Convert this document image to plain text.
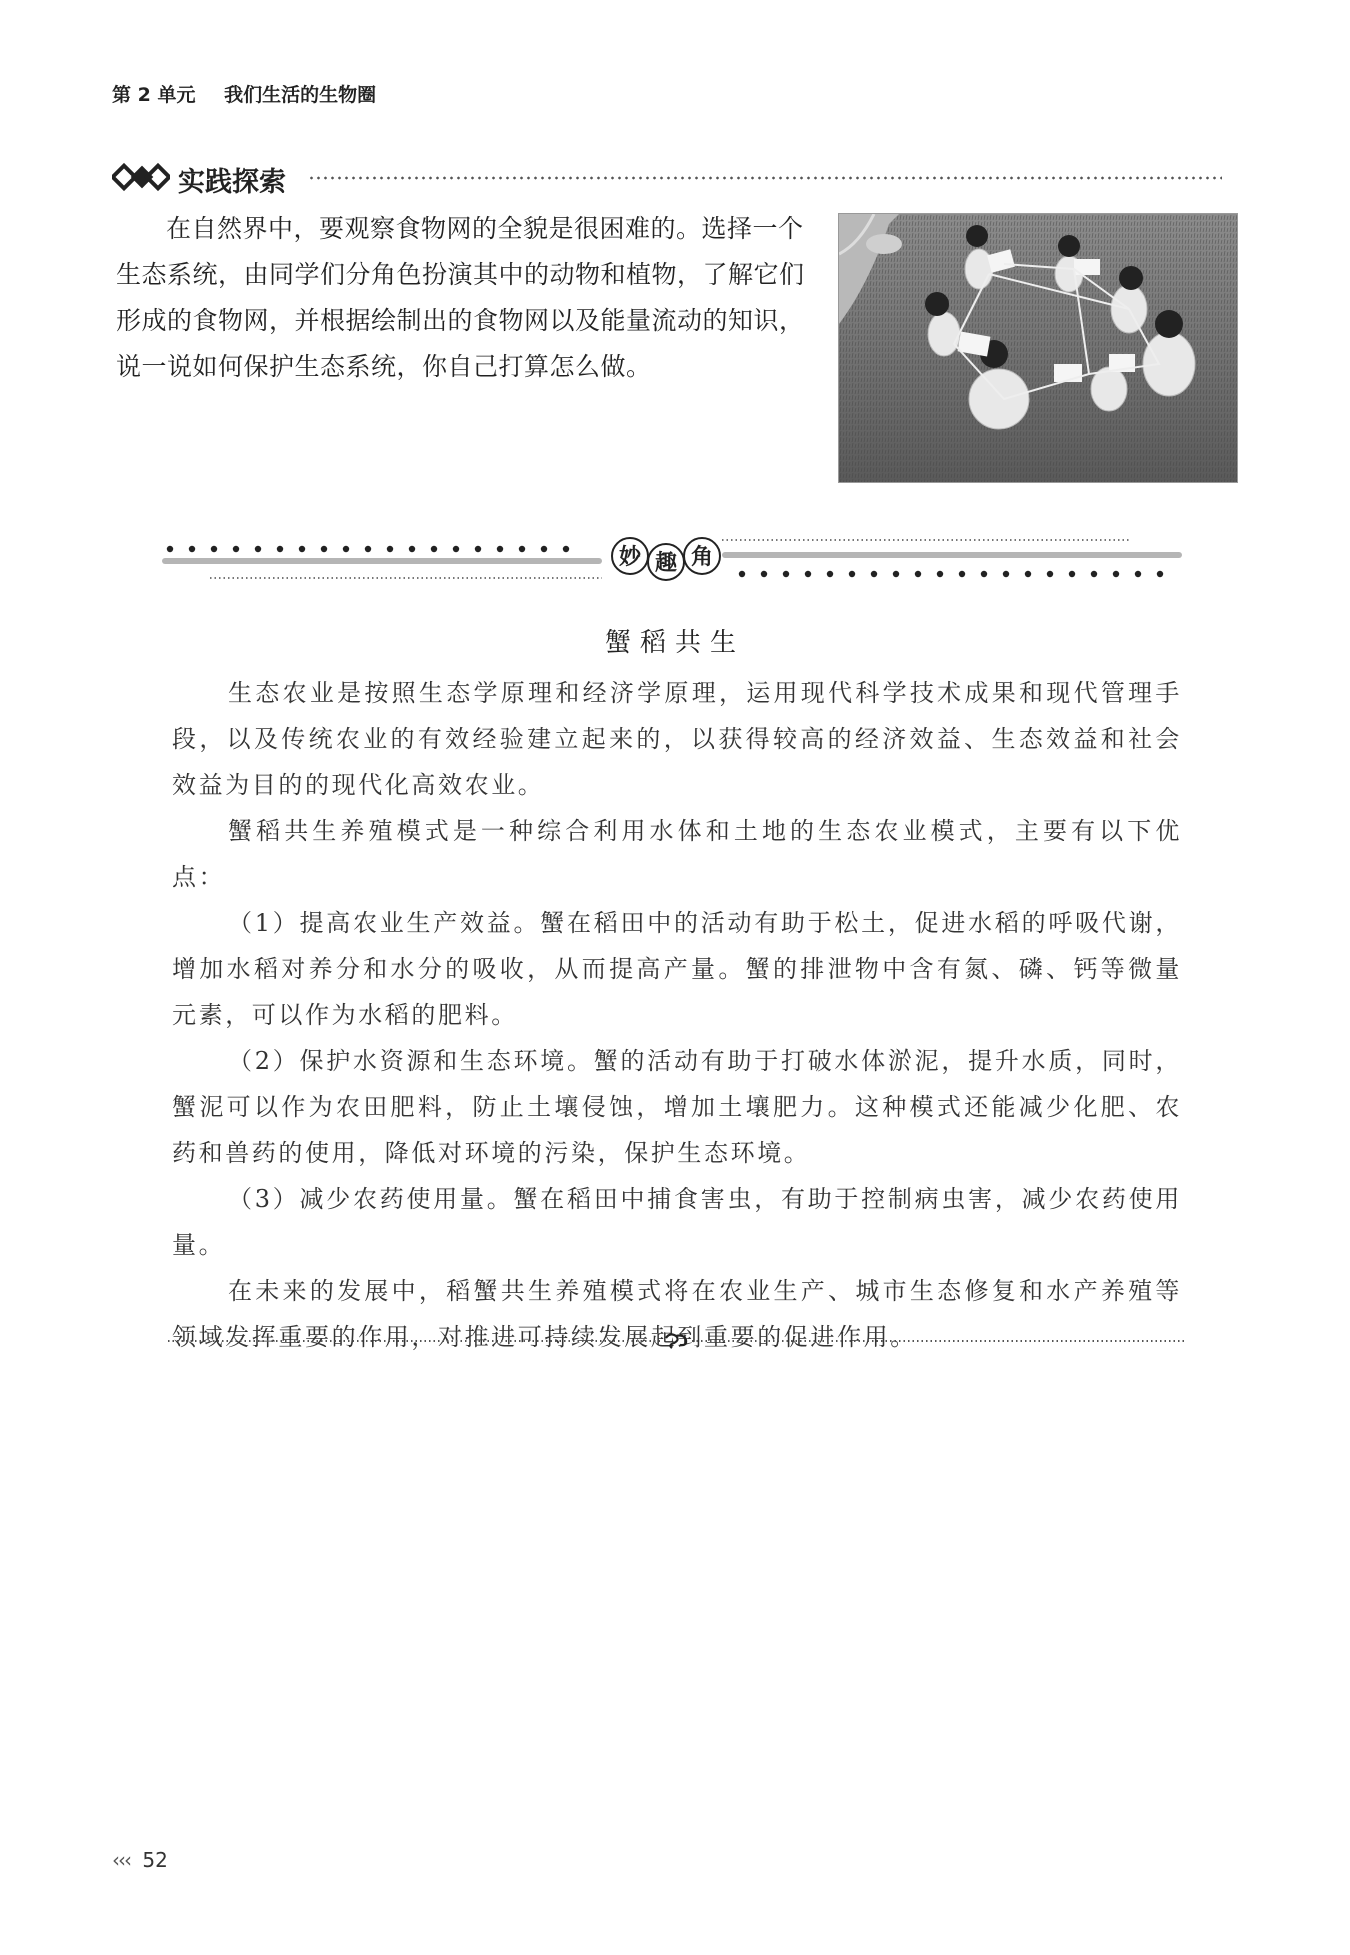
第 2 单元 我们生活的生物圈
实践探索
在自然界中，要观察食物网的全貌是很困难的。选择一个生态系统，由同学们分角色扮演其中的动物和植物，了解它们形成的食物网，并根据绘制出的食物网以及能量流动的知识，说一说如何保护生态系统，你自己打算怎么做。
妙 趣 角
蟹稻共生

生态农业是按照生态学原理和经济学原理，运用现代科学技术成果和现代管理手段，以及传统农业的有效经验建立起来的，以获得较高的经济效益、生态效益和社会效益为目的的现代化高效农业。

蟹稻共生养殖模式是一种综合利用水体和土地的生态农业模式，主要有以下优点：

（1）提高农业生产效益。蟹在稻田中的活动有助于松土，促进水稻的呼吸代谢，增加水稻对养分和水分的吸收，从而提高产量。蟹的排泄物中含有氮、磷、钙等微量元素，可以作为水稻的肥料。

（2）保护水资源和生态环境。蟹的活动有助于打破水体淤泥，提升水质，同时，蟹泥可以作为农田肥料，防止土壤侵蚀，增加土壤肥力。这种模式还能减少化肥、农药和兽药的使用，降低对环境的污染，保护生态环境。

（3）减少农药使用量。蟹在稻田中捕食害虫，有助于控制病虫害，减少农药使用量。

在未来的发展中，稻蟹共生养殖模式将在农业生产、城市生态修复和水产养殖等领域发挥重要的作用，对推进可持续发展起到重要的促进作用。

‹‹‹ 52
